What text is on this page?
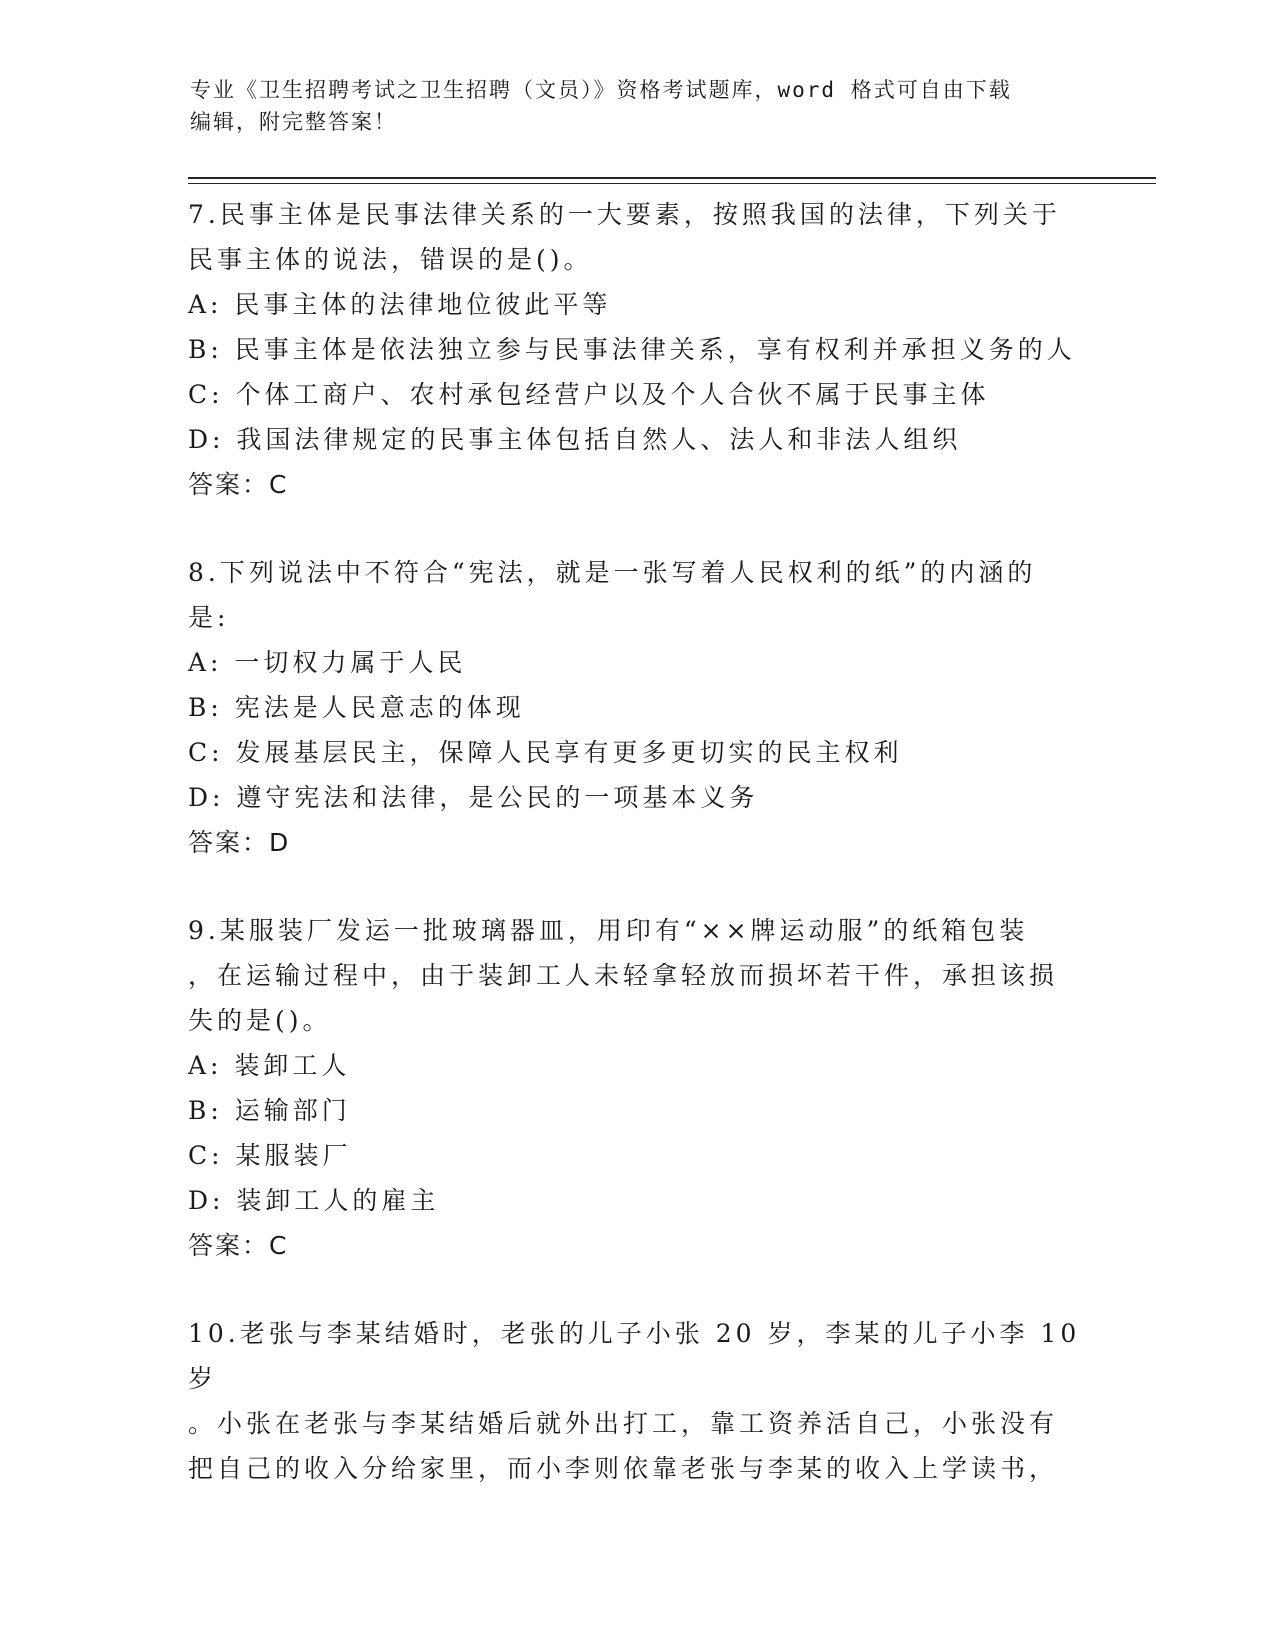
专业《卫生招聘考试之卫生招聘（文员）》资格考试题库，word 格式可自由下载
编辑，附完整答案！
7.民事主体是民事法律关系的一大要素，按照我国的法律，下列关于
民事主体的说法，错误的是()。
A: 民事主体的法律地位彼此平等
B: 民事主体是依法独立参与民事法律关系，享有权利并承担义务的人
C: 个体工商户、农村承包经营户以及个人合伙不属于民事主体
D: 我国法律规定的民事主体包括自然人、法人和非法人组织
答案：C
8.下列说法中不符合“宪法，就是一张写着人民权利的纸”的内涵的
是:
A: 一切权力属于人民
B: 宪法是人民意志的体现
C: 发展基层民主，保障人民享有更多更切实的民主权利
D: 遵守宪法和法律，是公民的一项基本义务
答案：D
9.某服装厂发运一批玻璃器皿，用印有“××牌运动服”的纸箱包装
，在运输过程中，由于装卸工人未轻拿轻放而损坏若干件，承担该损
失的是()。
A: 装卸工人
B: 运输部门
C: 某服装厂
D: 装卸工人的雇主
答案：C
10.老张与李某结婚时，老张的儿子小张 20 岁，李某的儿子小李 10 岁
。小张在老张与李某结婚后就外出打工，靠工资养活自己，小张没有
把自己的收入分给家里，而小李则依靠老张与李某的收入上学读书，
